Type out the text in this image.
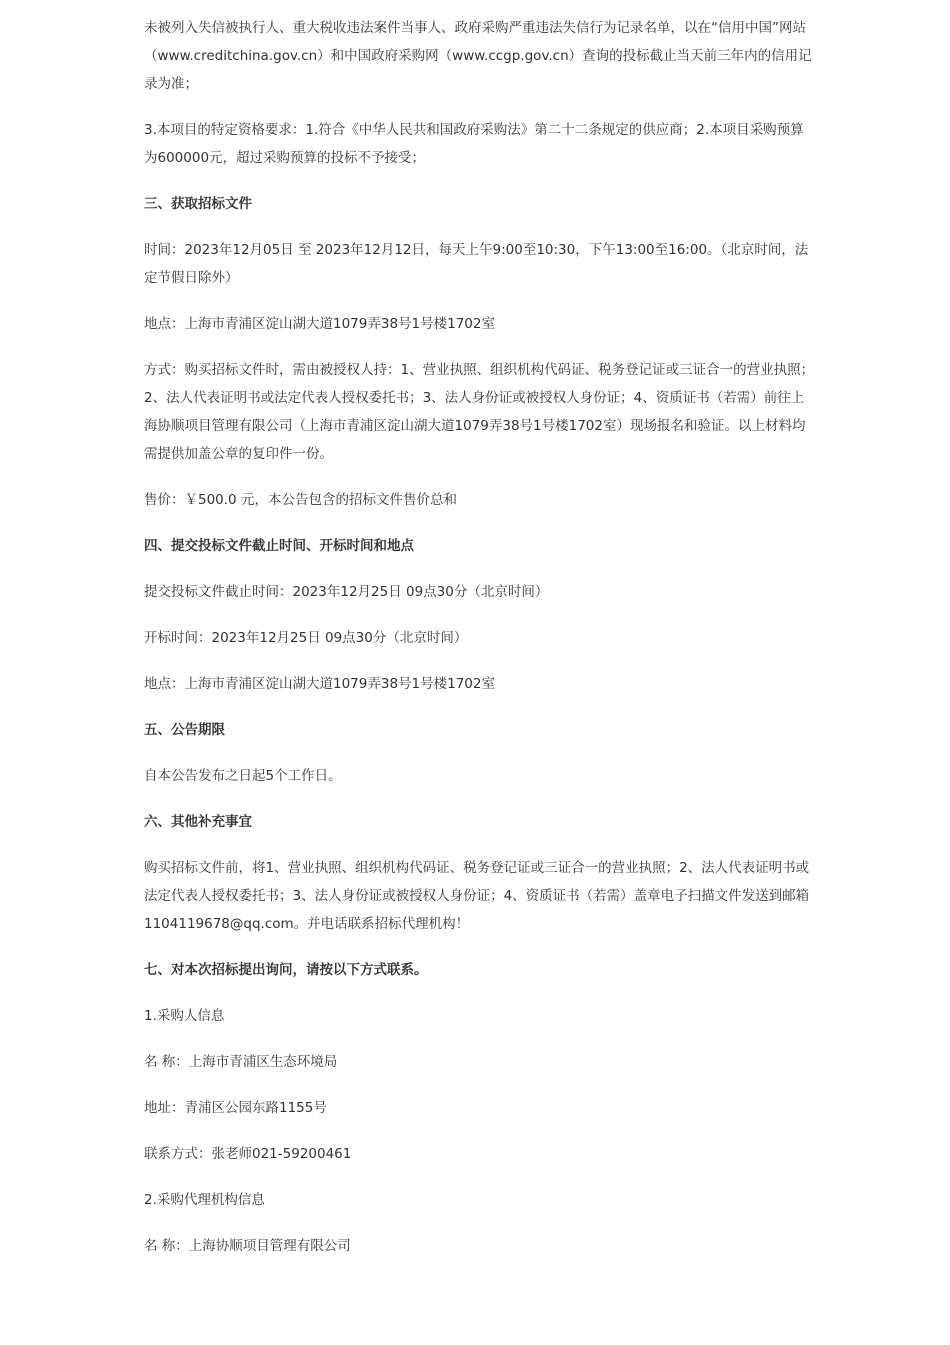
未被列入失信被执行人、重大税收违法案件当事人、政府采购严重违法失信行为记录名单，以在“信用中国”网站（www.creditchina.gov.cn）和中国政府采购网（www.ccgp.gov.cn）查询的投标截止当天前三年内的信用记录为准；

3.本项目的特定资格要求：1.符合《中华人民共和国政府采购法》第二十二条规定的供应商；2.本项目采购预算为600000元，超过采购预算的投标不予接受；

三、获取招标文件

时间：2023年12月05日 至 2023年12月12日，每天上午9:00至10:30，下午13:00至16:00。（北京时间，法定节假日除外）

地点：上海市青浦区淀山湖大道1079弄38号1号楼1702室

方式：购买招标文件时，需由被授权人持：1、营业执照、组织机构代码证、税务登记证或三证合一的营业执照；2、法人代表证明书或法定代表人授权委托书；3、法人身份证或被授权人身份证；4、资质证书（若需）前往上海协顺项目管理有限公司（上海市青浦区淀山湖大道1079弄38号1号楼1702室）现场报名和验证。以上材料均需提供加盖公章的复印件一份。

售价：￥500.0 元，本公告包含的招标文件售价总和

四、提交投标文件截止时间、开标时间和地点

提交投标文件截止时间：2023年12月25日 09点30分（北京时间）

开标时间：2023年12月25日 09点30分（北京时间）

地点：上海市青浦区淀山湖大道1079弄38号1号楼1702室

五、公告期限

自本公告发布之日起5个工作日。

六、其他补充事宜

购买招标文件前，将1、营业执照、组织机构代码证、税务登记证或三证合一的营业执照；2、法人代表证明书或法定代表人授权委托书；3、法人身份证或被授权人身份证；4、资质证书（若需）盖章电子扫描文件发送到邮箱1104119678@qq.com。并电话联系招标代理机构！

七、对本次招标提出询问，请按以下方式联系。

1.采购人信息

名 称：上海市青浦区生态环境局

地址：青浦区公园东路1155号

联系方式：张老师021-59200461

2.采购代理机构信息

名 称：上海协顺项目管理有限公司
